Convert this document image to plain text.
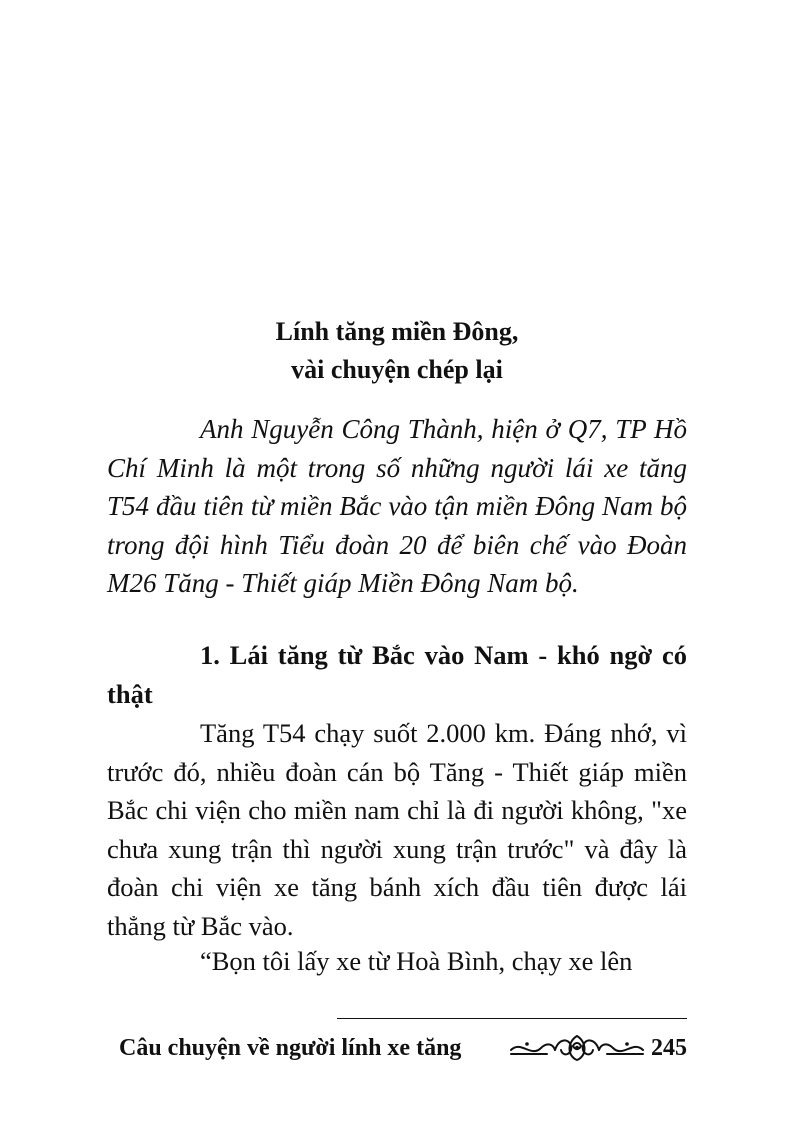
Lính tăng miền Đông,
vài chuyện chép lại

Anh Nguyễn Công Thành, hiện ở Q7, TP Hồ Chí Minh là một trong số những người lái xe tăng T54 đầu tiên từ miền Bắc vào tận miền Đông Nam bộ trong đội hình Tiểu đoàn 20 để biên chế vào Đoàn M26 Tăng - Thiết giáp Miền Đông Nam bộ.

1. Lái tăng từ Bắc vào Nam - khó ngờ có thật

Tăng T54 chạy suốt 2.000 km. Đáng nhớ, vì trước đó, nhiều đoàn cán bộ Tăng - Thiết giáp miền Bắc chi viện cho miền nam chỉ là đi người không, "xe chưa xung trận thì người xung trận trước" và đây là đoàn chi viện xe tăng bánh xích đầu tiên được lái thẳng từ Bắc vào.

“Bọn tôi lấy xe từ Hoà Bình, chạy xe lên

Câu chuyện về người lính xe tăng	245
